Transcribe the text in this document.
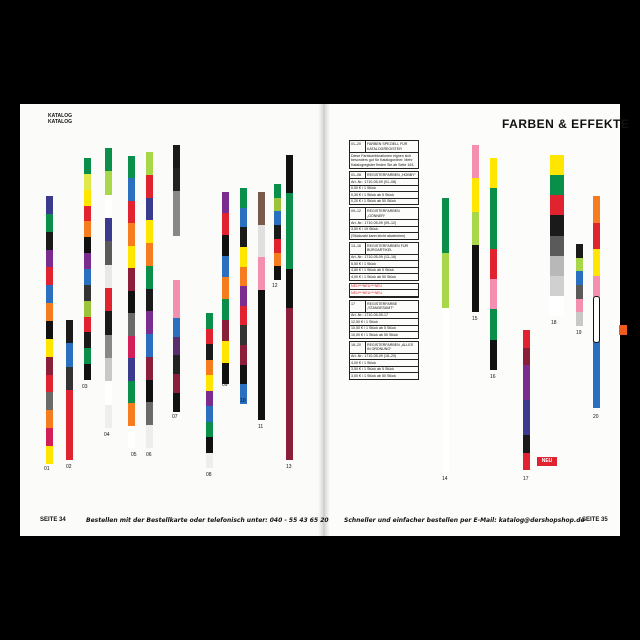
KATALOG
KATALOG	FARBEN & EFFEKTE
01	02
03
04
05 06
07
08
09
10
11
12
13
14
15
16
17
18
19
20
01–20	FARBEN SPEZIELL FÜR KATALOGREGISTER
Diese Farbkombinationen eignen sich besonders gut für Katalogordner. Mehr Katalogregister finden Sie ab Seite 163.
01–08	REGISTERFARBEN „HOBBY“
Art.-Nr.: 1710-05-09 (01–08)
0,50 € / 1 Stück
0,30 € / 1 Stück ab 5 Stück
0,20 € / 1 Stück ab 50 Stück
09–12	REGISTERFARBEN „GÖNNER“
Art.-Nr.: 1710-05-09 (09–12)
3,50 € / 19 Stück
(Stückzahl kann leicht abweichen)
13–16	REGISTERFARBEN FÜR BÜROARTIKEL
Art.-Nr.: 1710-05-09 (13–16)
5,50 € / 1 Stück
4,80 € / 1 Stück ab 5 Stück
4,00 € / 1 Stück ab 50 Stück
NEU***NEU***NEU
NEU***NEU***NEU
17	REGISTERFARBE „STANDESAMT“
Art.-Nr.: 1710-05-09-17
12,50 € / 1 Stück
10,50 € / 1 Stück ab 5 Stück
10,00 € / 1 Stück ab 50 Stück
18–20	REGISTERFARBEN „ALLES IN ORDNUNG“
Art.-Nr.: 1710-05-09 (18–20)
4,00 € / 1 Stück
3,50 € / 1 Stück ab 5 Stück
3,00 € / 1 Stück ab 50 Stück
NEU
SEITE 34	Bestellen mit der Bestellkarte oder telefonisch unter: 040 - 55 43 65 20	Schneller und einfacher bestellen per E-Mail: katalog@dershopshop.de
SEITE 35
